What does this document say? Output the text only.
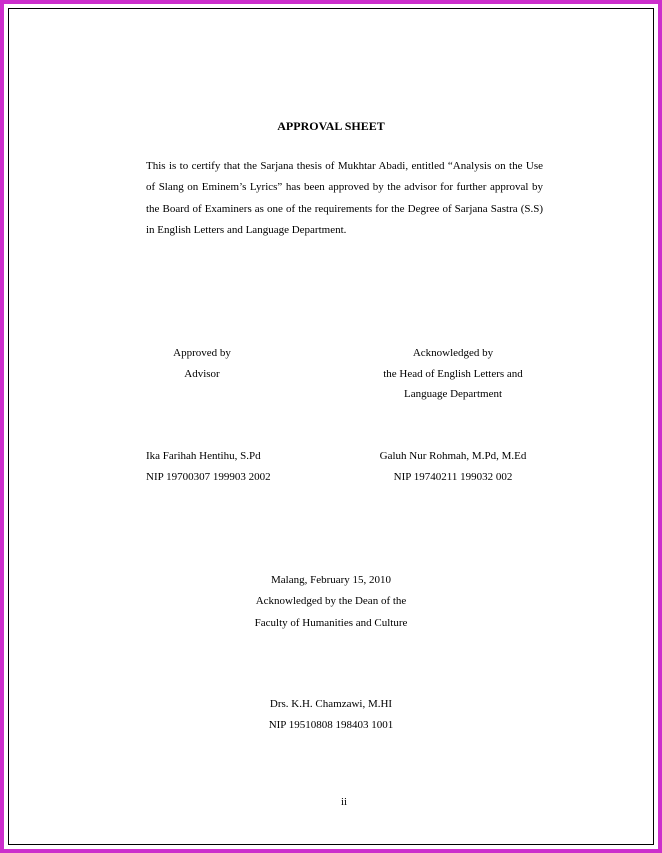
APPROVAL SHEET
This is to certify that the Sarjana thesis of Mukhtar Abadi, entitled “Analysis on the Use of Slang on Eminem’s Lyrics” has been approved by the advisor for further approval by the Board of Examiners as one of the requirements for the Degree of Sarjana Sastra (S.S) in English Letters and Language Department.
Approved by
Advisor
Acknowledged by
the Head of English Letters and
Language Department
Ika Farihah Hentihu, S.Pd
NIP 19700307 199903 2002
Galuh Nur Rohmah, M.Pd, M.Ed
NIP 19740211 199032 002
Malang, February 15, 2010
Acknowledged by the Dean of the
Faculty of Humanities and Culture
Drs. K.H. Chamzawi, M.HI
NIP 19510808 198403 1001
ii
